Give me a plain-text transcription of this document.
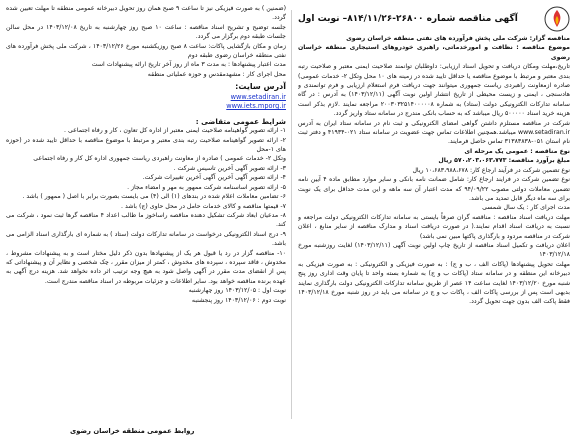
آگهی مناقصه شماره ۲۶۸۰۰-۸۱۴/۱۱/۲۶– نوبت اول
مناقصه گزار: شرکت ملی پخش فرآورده های نفتی منطقه خراسان رضوی
موضوع مناقصه : نظافت و امورخدماتی، راهبری خودروهای استیجاری منطقه خراسان رضوی
تاریخ،مهلت ومکان دریافت و تحویل اسناد ارزیابی: داوطلبان توانمند صلاحیت ایمنی معتبر و صلاحیت رتبه بندی معتبر و مرتبط با موضوع مناقصه یا حداقل تایید شده در زمینه های ۱۰ محل وتکل ۲- خدمات عمومی) صادره ازمعاونت راهبردی ریاست جمهوری میتوانند جهت دریافت فرم استعلام ارزیابی و فرم توانمندی و هادسنجی ، ایمنی و زیست محیطی از تاریخ انتشار اولین نوبت آگهی (۱۴۰۳/۱۲/۱۱) به آدرس : در گاه سامانه تدارکات الکترونیکی دولت (ستاد) به شماره ۲۰۰۳۰۳۲۵۱۴۰۰۰۰۰۸ مراجعه نمایند .لازم بذکر است هزینه خرید اسناد ۵۰۰۰۰۰ ریال میباشد که به حساب بانکی مندرج در سامانه ستاد واریز گردد.
شرکت در مناقصه مستلزم داشتن گواهی امضای الکترونیکی و ثبت نام در سامانه ستاد ایران به آدرس www.setadiran.ir میباشد.همچنین اطلاعات تماس جهت عضویت در سامانه ستاد ۰۲۱-۴۱۹۳۴ و دفتر ثبت نام استان ۰۵۱-۳۱۳۸۳۸۳۸ تماس حاصل فرمایند.
نوع مناقصه : عمومی یک مرحله ای
مبلغ برآورد مناقصه: ۵۷۰،۲۰۳،۰۶۳،۷۷۳ ریال
نوع تضمین شرکت در فرآیند ارجاع کار: ۱۰،۶۸۳،۹۸۸،۶۷۸ ریال
نوع تضمین شرکت در فرایند ارجاع کار: شامل ضمانت نامه بانکی و سایر موارد مطابق ماده ۴ آیین نامه تضمین معاملات دولتی مصوب ۹۴/۰۹/۲۲ که مدت اعتبار آن سه ماهه و این مدت حداقل برای یک نوبت برای سه ماه دیگر قابل تمدید می باشد.
مدت اجرای کار : یک سال شمسی
مهلت دریافت اسناد مناقصه : مناقصه گران صرفاً بایستی به سامانه تدارکات الکترونیکی دولت مراجعه و نسبت به دریافت اسناد اقدام نمایند.( در صورت دریافت اسناد و مدارک مناقصه از سایر منابع ، اعلان شرکت در مناقصه مردود و بارگذاری پاکتها مبین نمی باشد)
اعلان دریافت و تکمیل اسناد مناقصه از تاریخ چاپ اولین نوبت آگهی (۱۴۰۳/۱۲/۱۱) لغایت روزشنبه مورخ ۱۴۰۳/۱۲/۱۸
مهلت تحویل پیشنهادها (پاکات الف ، ب و ج) : به صورت فیزیکی و الکترونیکی : به صورت فیزیکی به دبیرخانه این منطقه و در سامانه ستاد (پاکات ب و ج) به شماره بسته واحد تا پایان وقت اداری روز پنج شنبه مورخ ۱۴۰۳/۱۲/۲۰ لغایت ساعت ۱۴ عصر از طریق سامانه تدارکات الکترونیکی دولت بارگذاری نمایند بدیهی است پس از بررسی پاکات الف ، پاکات ب و ج در سامانه می باید در روز شنبه مورخ ۱۴۰۳/۱۲/۱۸ فقط پاکت الف بدون جهت تحویل گردد.
(ضمنین ) به صورت فیزیکی نیز تا ساعت ۹ صبح همان روز تحویل دبیرخانه عمومی منطقه تا مهلت تعیین شده گردد.
جلسه توضیح و تشریح اسناد مناقصه : ساعت ۱۰ صبح روز چهارشنبه به تاریخ ۱۴۰۳/۱۲/۰۸ در محل سالن جلسات طبقه دوم برگزار می گردد.
زمان و مکان بازگشایی پاکات: ساعت ۸ صبح روزیکشنبه مورخ ۱۴۰۳/۱۲/۲۶ ، شرکت ملی پخش فرآورده های نفتی منطقه خراسان رضوی طبقه دوم
مدت اعتبار پیشنهادها : به مدت ۳ ماه از روز آخر تاریخ ارائه پیشنهادات است
محل اجرای کار : مشهدمقدس و حوزه عملیاتی منطقه
آدرس سایت:
www.setadiran.ir
www.iets.mporg.ir
شرایط عمومی متقاضی :
۱- ارائه تصویر گواهینامه صلاحیت ایمنی معتبر از اداره کل تعاون ، کار و رفاه اجتماعی .
۲- ارائه تصویر گواهینامه صلاحیت رتبه بندی معتبر و مرتبط با موضوع مناقصه با حداقل تایید شده در (حوزه های ۱-محل
وتکل ۲- خدمات عمومی ) صادره از معاونت راهبردی ریاست جمهوری اداره کل کار و رفاه اجتماعی
۳- ارائه تصویر آگهی آخرین تاسیس شرکت .
۴- ارائه تصویر آگهی آخرین آگهی آخرین تغییرات شرکت.
۵- ارائه تصویر اساسنامه شرکت ممهور به مهر و امضاء مجاز .
۶- تضامین معاملات اعلام شده در بندهای (۱) الی (۴) می بایست بصورت برابر با اصل ( ممهور ) باشد .
۷- قیمتها مناقصه و کالای خدمات حامل در محل حاوی (ج) باشد .
۸- مدعیان ابعاد شرکت تشکیل دهنده مناقصه راساخوز ما طالب اعداد ۴ مناقصه گرها ثبت نمود ، شرکت می کند.
۹- درج اسناد الکترونیکی درخواست در سامانه تدارکات دولت (ستاد ) به شماره ای بارگذاری اسناد الزامی می باشد.
۱۰- مناقصه گزار در رد یا قبول هر یک از پیشنهادها بدون ذکر دلیل مختار است و به پیشنهادات مشروط ، مخدوش ، فاقد سپرده ، سپرده های مخدوش ، کمتر از میزان مقرر ، چک شخصی و نظایر آن و پیشنهاداتی که پس از انقضای مدت مقرر در آگهی واصل شود به هیچ وجه ترتیب اثر داده نخواهد شد. هزینه درج آگهی به عهده برنده مناقصه خواهد بود. سایر اطلاعات و جزئیات مربوطه در اسناد مناقصه مندرج است.
نوبت اول : ۱۴۰۳/۱۲/۰۵ روز چهارشنبه
نوبت دوم : ۱۴۰۳/۱۲/۰۶ روز پنجشنبه
روابط عمومی منطقه خراسان رضوی
